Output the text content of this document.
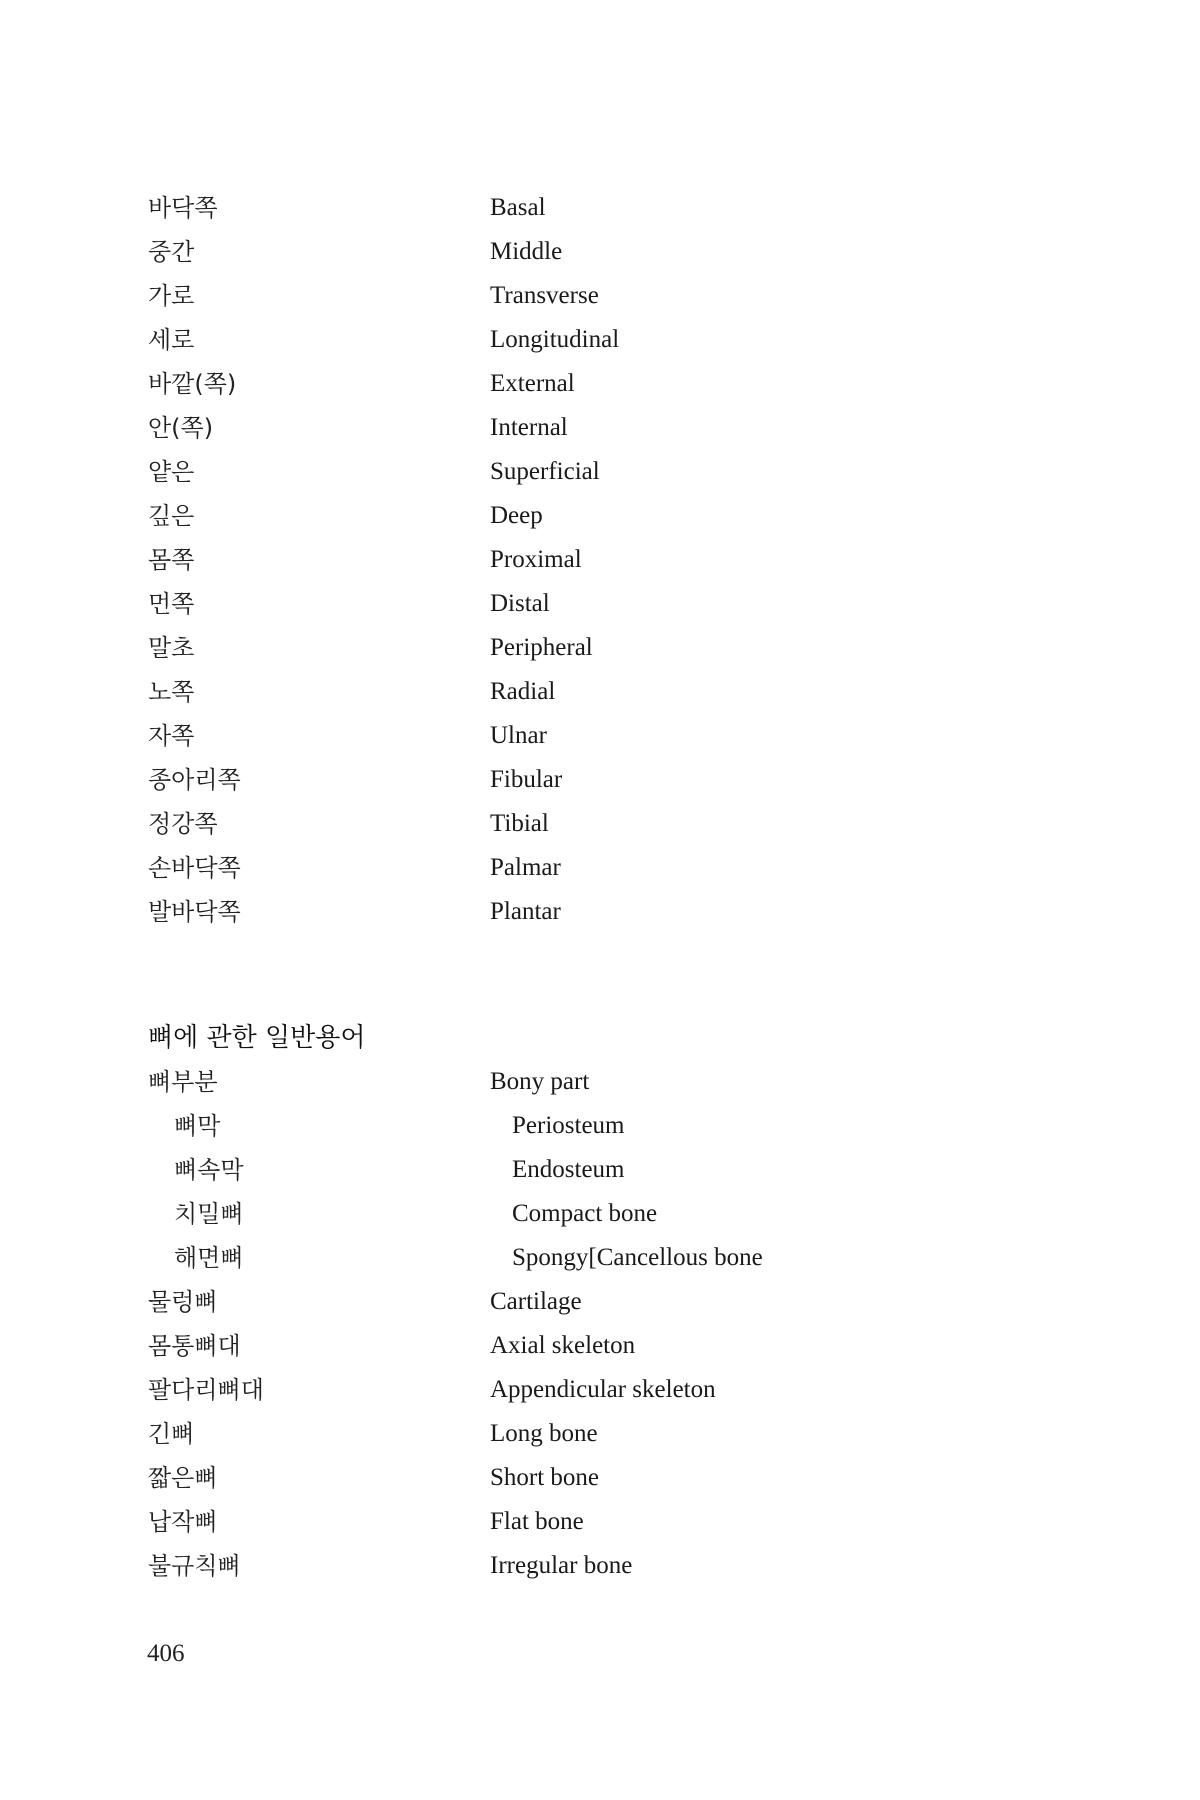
바닥쪽	Basal
중간	Middle
가로	Transverse
세로	Longitudinal
바깥(쪽)	External
안(쪽)	Internal
얕은	Superficial
깊은	Deep
몸쪽	Proximal
먼쪽	Distal
말초	Peripheral
노쪽	Radial
자쪽	Ulnar
종아리쪽	Fibular
정강쪽	Tibial
손바닥쪽	Palmar
발바닥쪽	Plantar
뼈에 관한 일반용어
뼈부분	Bony part
뼈막	Periosteum
뼈속막	Endosteum
치밀뼈	Compact bone
해면뼈	Spongy[Cancellous bone
물렁뼈	Cartilage
몸통뼈대	Axial skeleton
팔다리뼈대	Appendicular skeleton
긴뼈	Long bone
짧은뼈	Short bone
납작뼈	Flat bone
불규칙뼈	Irregular bone
406
